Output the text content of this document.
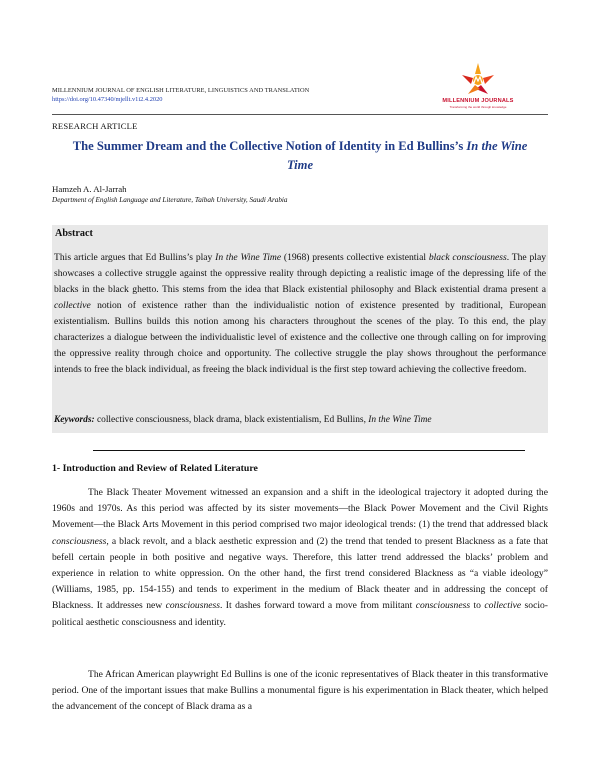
MILLENNIUM JOURNAL OF ENGLISH LITERATURE, LINGUISTICS AND TRANSLATION
https://doi.org/10.47340/mjellt.v1i2.4.2020	MILLENNIUM JOURNALS
Transforming the world through knowledge
RESEARCH ARTICLE
The Summer Dream and the Collective Notion of Identity in Ed Bullins’s In the Wine Time
Hamzeh A. Al-Jarrah
Department of English Language and Literature, Taibah University, Saudi Arabia
Abstract
This article argues that Ed Bullins’s play In the Wine Time (1968) presents collective existential black consciousness. The play showcases a collective struggle against the oppressive reality through depicting a realistic image of the depressing life of the blacks in the black ghetto. This stems from the idea that Black existential philosophy and Black existential drama present a collective notion of existence rather than the individualistic notion of existence presented by traditional, European existentialism. Bullins builds this notion among his characters throughout the scenes of the play. To this end, the play characterizes a dialogue between the individualistic level of existence and the collective one through calling on for improving the oppressive reality through choice and opportunity. The collective struggle the play shows throughout the performance intends to free the black individual, as freeing the black individual is the first step toward achieving the collective freedom.
Keywords: collective consciousness, black drama, black existentialism, Ed Bullins, In the Wine Time
1- Introduction and Review of Related Literature
The Black Theater Movement witnessed an expansion and a shift in the ideological trajectory it adopted during the 1960s and 1970s. As this period was affected by its sister movements—the Black Power Movement and the Civil Rights Movement—the Black Arts Movement in this period comprised two major ideological trends: (1) the trend that addressed black consciousness, a black revolt, and a black aesthetic expression and (2) the trend that tended to present Blackness as a fate that befell certain people in both positive and negative ways. Therefore, this latter trend addressed the blacks’ problem and experience in relation to white oppression. On the other hand, the first trend considered Blackness as “a viable ideology” (Williams, 1985, pp. 154-155) and tends to experiment in the medium of Black theater and in addressing the concept of Blackness. It addresses new consciousness. It dashes forward toward a move from militant consciousness to collective socio-political aesthetic consciousness and identity.
The African American playwright Ed Bullins is one of the iconic representatives of Black theater in this transformative period. One of the important issues that make Bullins a monumental figure is his experimentation in Black theater, which helped the advancement of the concept of Black drama as a
